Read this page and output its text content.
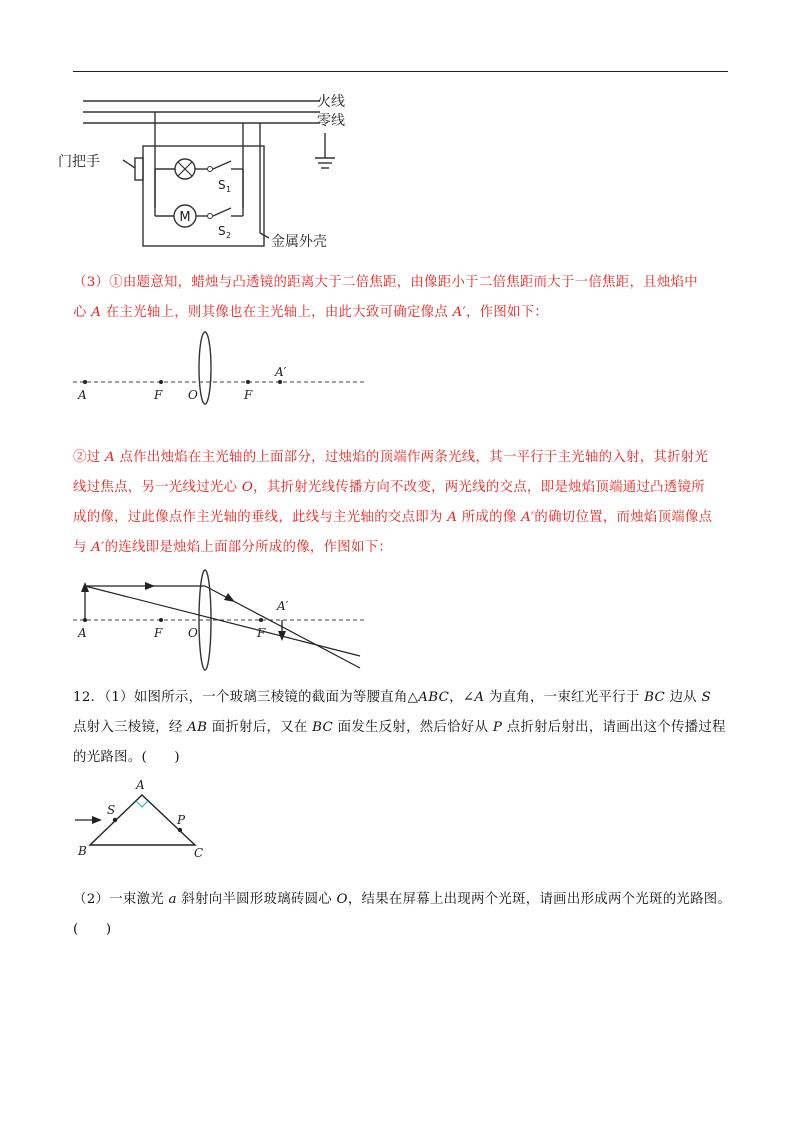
M
火线
零线
门把手
S 1
S 2	金属外壳
（3）①由题意知，蜡烛与凸透镜的距离大于二倍焦距，由像距小于二倍焦距而大于一倍焦距，且烛焰中
心 A 在主光轴上，则其像也在主光轴上，由此大致可确定像点 A′，作图如下：
A	F O	F
A′
②过 A 点作出烛焰在主光轴的上面部分，过烛焰的顶端作两条光线，其一平行于主光轴的入射，其折射光
线过焦点，另一光线过光心 O，其折射光线传播方向不改变，两光线的交点，即是烛焰顶端通过凸透镜所
成的像，过此像点作主光轴的垂线，此线与主光轴的交点即为 A 所成的像 A′的确切位置，而烛焰顶端像点
与 A′的连线即是烛焰上面部分所成的像，作图如下：
A	F O	F
A′
12．（1）如图所示，一个玻璃三棱镜的截面为等腰直角△ABC，∠A 为直角，一束红光平行于 BC 边从 S
点射入三棱镜，经 AB 面折射后，又在 BC 面发生反射，然后恰好从 P 点折射后射出，请画出这个传播过程
的光路图。(　　)
A
B	C
S
P
（2）一束激光 a 斜射向半圆形玻璃砖圆心 O，结果在屏幕上出现两个光斑，请画出形成两个光斑的光路图。
(　　)
